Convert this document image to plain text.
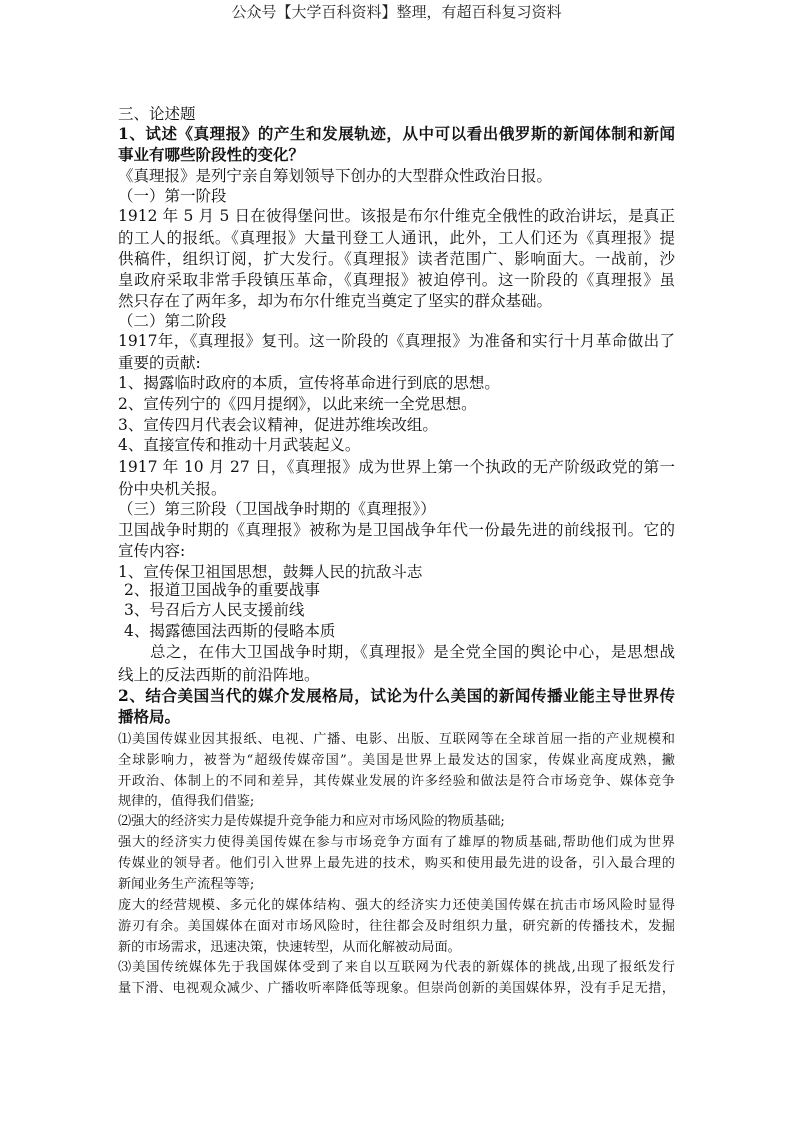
公众号【大学百科资料】整理，有超百科复习资料
三、论述题
1、试述《真理报》的产生和发展轨迹，从中可以看出俄罗斯的新闻体制和新闻
事业有哪些阶段性的变化？
《真理报》是列宁亲自筹划领导下创办的大型群众性政治日报。
（一）第一阶段
1912 年 5 月 5 日在彼得堡问世。该报是布尔什维克全俄性的政治讲坛，是真正
的工人的报纸。《真理报》大量刊登工人通讯，此外，工人们还为《真理报》提
供稿件，组织订阅，扩大发行。《真理报》读者范围广、影响面大。一战前，沙
皇政府采取非常手段镇压革命，《真理报》被迫停刊。这一阶段的《真理报》虽
然只存在了两年多，却为布尔什维克当奠定了坚实的群众基础。
（二）第二阶段
1917年，《真理报》复刊。这一阶段的《真理报》为准备和实行十月革命做出了
重要的贡献:
1、揭露临时政府的本质，宣传将革命进行到底的思想。
2、宣传列宁的《四月提纲》，以此来统一全党思想。
3、宣传四月代表会议精神，促进苏维埃改组。
4、直接宣传和推动十月武装起义。
1917 年 10 月 27 日，《真理报》成为世界上第一个执政的无产阶级政党的第一
份中央机关报。
（三）第三阶段（卫国战争时期的《真理报》）
卫国战争时期的《真理报》被称为是卫国战争年代一份最先进的前线报刊。它的
宣传内容:
1、宣传保卫祖国思想，鼓舞人民的抗敌斗志
2、报道卫国战争的重要战事
3、号召后方人民支援前线
4、揭露德国法西斯的侵略本质
总之，在伟大卫国战争时期，《真理报》是全党全国的舆论中心，是思想战
线上的反法西斯的前沿阵地。
2、结合美国当代的媒介发展格局，试论为什么美国的新闻传播业能主导世界传
播格局。
⑴美国传媒业因其报纸、电视、广播、电影、出版、互联网等在全球首屈一指的产业规模和
全球影响力，被誉为“超级传媒帝国”。美国是世界上最发达的国家，传媒业高度成熟，撇
开政治、体制上的不同和差异，其传媒业发展的许多经验和做法是符合市场竞争、媒体竞争
规律的，值得我们借鉴;
⑵强大的经济实力是传媒提升竞争能力和应对市场风险的物质基础;
强大的经济实力使得美国传媒在参与市场竞争方面有了雄厚的物质基础,帮助他们成为世界
传媒业的领导者。他们引入世界上最先进的技术，购买和使用最先进的设备，引入最合理的
新闻业务生产流程等等;
庞大的经营规模、多元化的媒体结构、强大的经济实力还使美国传媒在抗击市场风险时显得
游刃有余。美国媒体在面对市场风险时，往往都会及时组织力量，研究新的传播技术，发掘
新的市场需求，迅速决策，快速转型，从而化解被动局面。
⑶美国传统媒体先于我国媒体受到了来自以互联网为代表的新媒体的挑战,出现了报纸发行
量下滑、电视观众减少、广播收听率降低等现象。但崇尚创新的美国媒体界，没有手足无措，
